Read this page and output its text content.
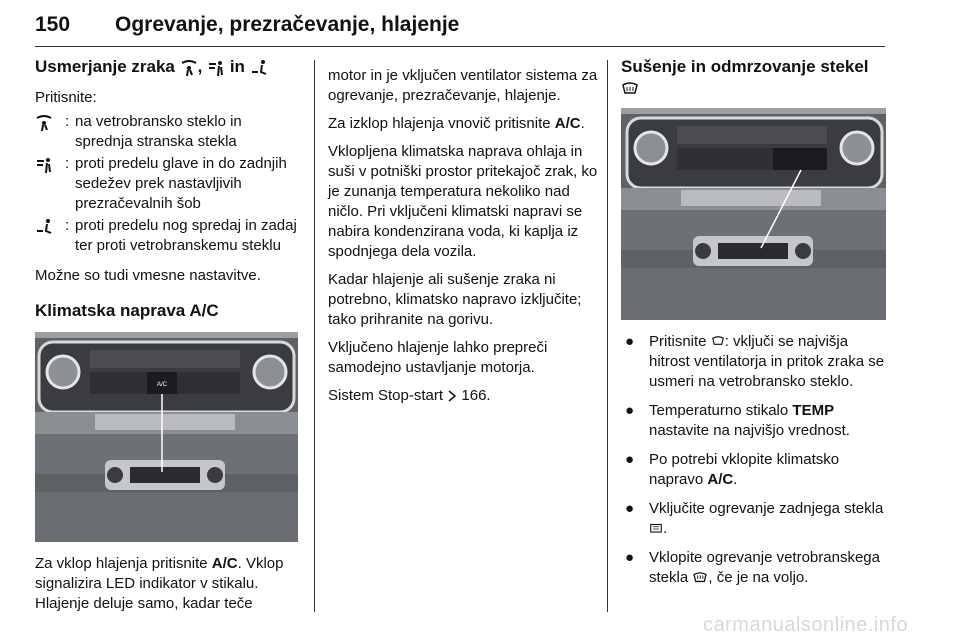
150 Ogrevanje, prezračevanje, hlajenje
Usmerjanje zraka , in

Pritisnite:

: na vetrobransko steklo in sprednja stranska stekla
: proti predelu glave in do zadnjih sedežev prek nastavljivih prezračevalnih šob
: proti predelu nog spredaj in zadaj ter proti vetrobranskemu steklu

Možne so tudi vmesne nastavitve.

Klimatska naprava A/C
A/C

Za vklop hlajenja pritisnite A/C. Vklop signalizira LED indikator v stikalu. Hlajenje deluje samo, kadar teče

motor in je vključen ventilator sistema za ogrevanje, prezračevanje, hlajenje.

Za izklop hlajenja vnovič pritisnite A/C.

Vklopljena klimatska naprava ohlaja in suši v potniški prostor pritekajoč zrak, ko je zunanja temperatura nekoliko nad ničlo. Pri vključeni klimatski napravi se nabira kondenzirana voda, ki kaplja iz spodnjega dela vozila.

Kadar hlajenje ali sušenje zraka ni potrebno, klimatsko napravo izključite; tako prihranite na gorivu.

Vključeno hlajenje lahko prepreči samodejno ustavljanje motorja.

Sistem Stop-start 166.

Sušenje in odmrzovanje stekel
● Pritisnite : vključi se najvišja hitrost ventilatorja in pritok zraka se usmeri na vetrobransko steklo.
● Temperaturno stikalo TEMP nastavite na najvišjo vrednost.
● Po potrebi vklopite klimatsko napravo A/C.
● Vključite ogrevanje zadnjega stekla .
● Vklopite ogrevanje vetrobranskega stekla , če je na voljo.
carmanualsonline.info
